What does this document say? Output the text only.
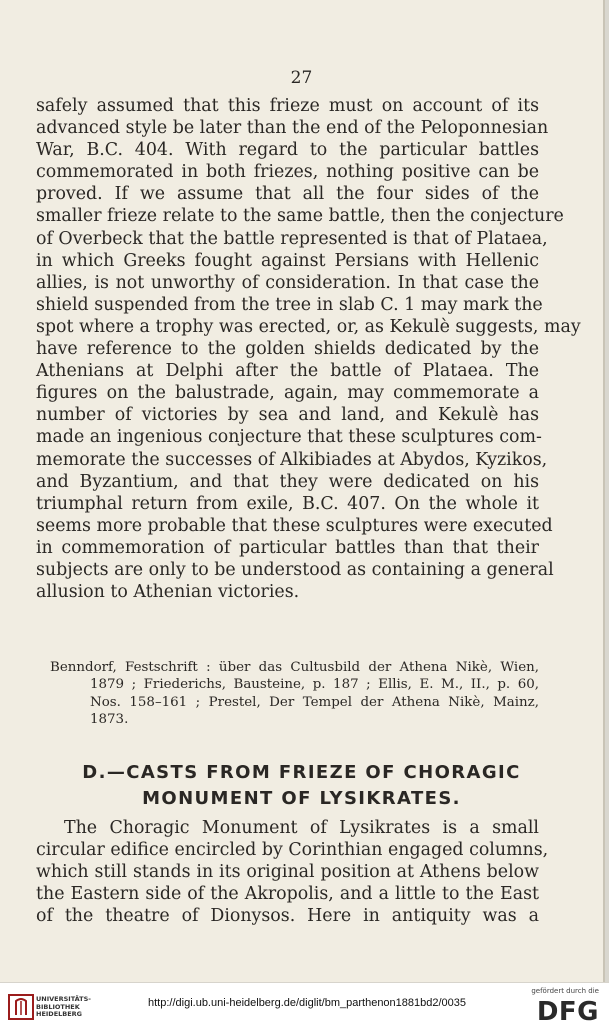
27
safely assumed that this frieze must on account of its
advanced style be later than the end of the Peloponnesian
War, B.C. 404. With regard to the particular battles
commemorated in both friezes, nothing positive can be
proved. If we assume that all the four sides of the
smaller frieze relate to the same battle, then the conjecture
of Overbeck that the battle represented is that of Plataea,
in which Greeks fought against Persians with Hellenic
allies, is not unworthy of consideration. In that case the
shield suspended from the tree in slab C. 1 may mark the
spot where a trophy was erected, or, as Kekulè suggests, may
have reference to the golden shields dedicated by the
Athenians at Delphi after the battle of Plataea. The
figures on the balustrade, again, may commemorate a
number of victories by sea and land, and Kekulè has
made an ingenious conjecture that these sculptures com-
memorate the successes of Alkibiades at Abydos, Kyzikos,
and Byzantium, and that they were dedicated on his
triumphal return from exile, B.C. 407. On the whole it
seems more probable that these sculptures were executed
in commemoration of particular battles than that their
subjects are only to be understood as containing a general
allusion to Athenian victories.
Benndorf, Festschrift : über das Cultusbild der Athena Nikè, Wien,
1879 ; Friederichs, Bausteine, p. 187 ; Ellis, E. M., II., p. 60,
Nos. 158–161 ; Prestel, Der Tempel der Athena Nikè, Mainz,
1873.
D.—CASTS FROM FRIEZE OF CHORAGIC
MONUMENT OF LYSIKRATES.
The Choragic Monument of Lysikrates is a small
circular edifice encircled by Corinthian engaged columns,
which still stands in its original position at Athens below
the Eastern side of the Akropolis, and a little to the East
of the theatre of Dionysos. Here in antiquity was a
UNIVERSITÄTS-
BIBLIOTHEK
HEIDELBERG
http://digi.ub.uni-heidelberg.de/diglit/bm_parthenon1881bd2/0035
gefördert durch die
DFG
